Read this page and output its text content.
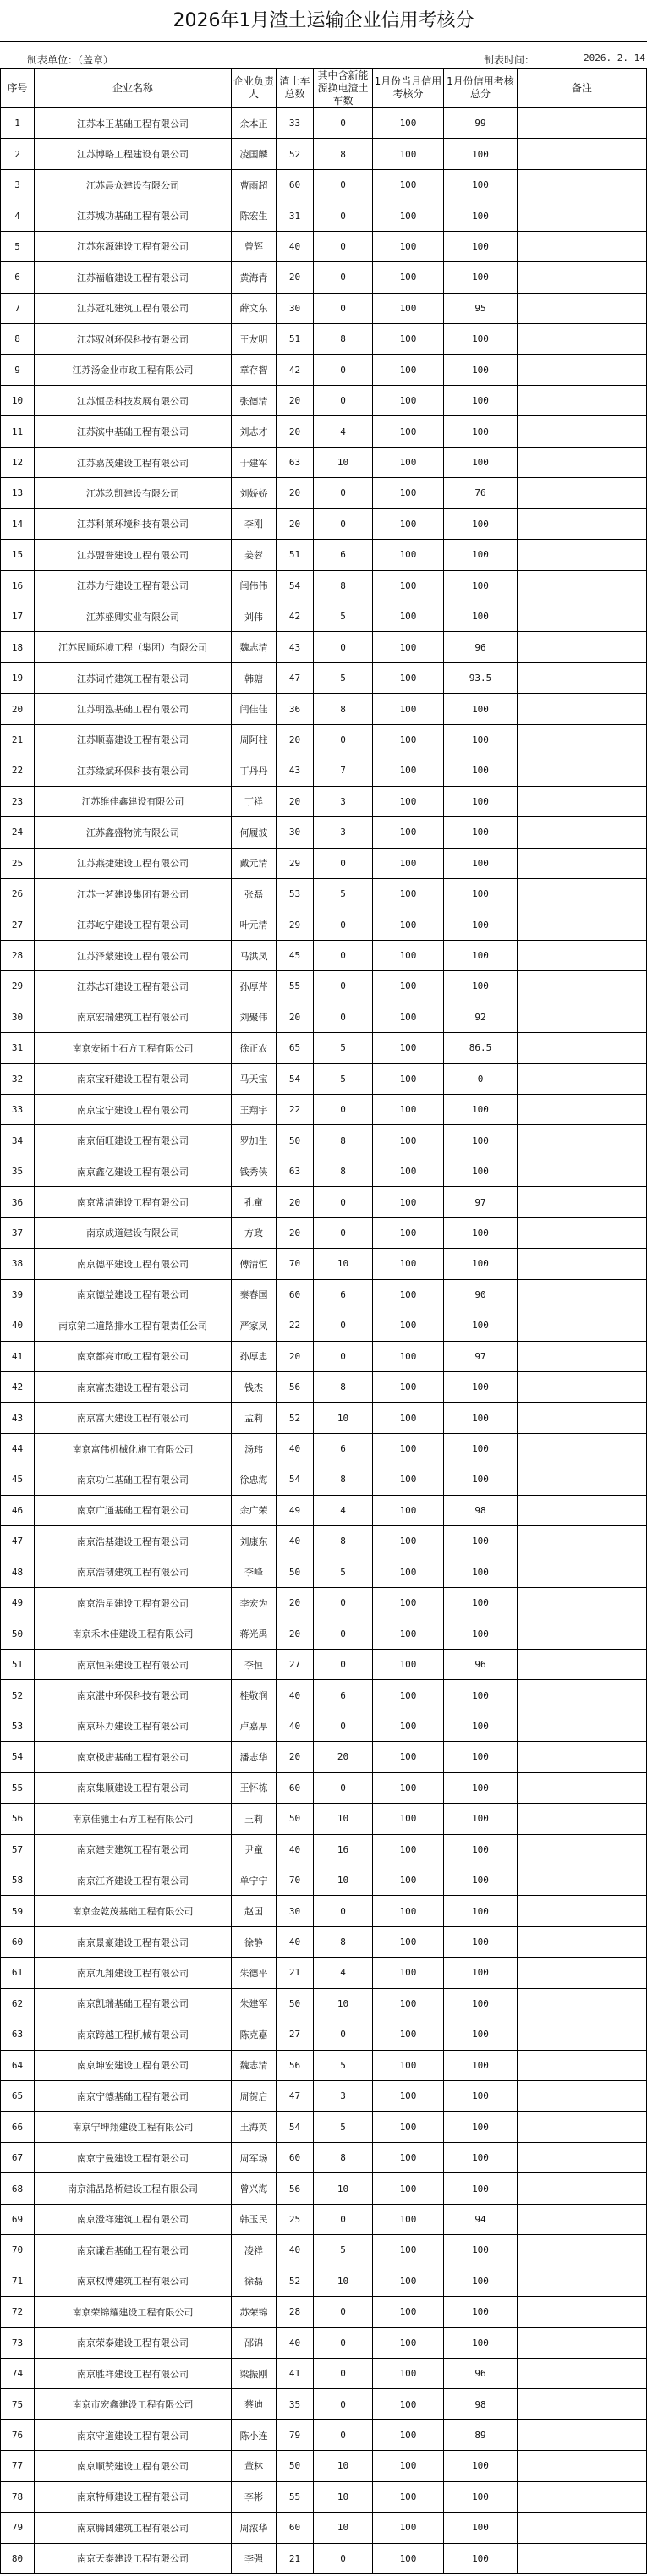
2026年1月渣土运输企业信用考核分
制表单位：（盖章）	制表时间：	2026. 2. 14
序号	企业名称	企业负责人	渣土车总数	其中含新能源换电渣土车数	1月份当月信用考核分	1月份信用考核总分	备注
1	江苏本正基础工程有限公司	余本正	33	0	100	99	
2	江苏博略工程建设有限公司	凌国麟	52	8	100	100	
3	江苏晨众建设有限公司	曹雨超	60	0	100	100	
4	江苏城功基础工程有限公司	陈宏生	31	0	100	100	
5	江苏东源建设工程有限公司	曾辉	40	0	100	100	
6	江苏福临建设工程有限公司	黄海青	20	0	100	100	
7	江苏冠礼建筑工程有限公司	薛文东	30	0	100	95	
8	江苏驭创环保科技有限公司	王友明	51	8	100	100	
9	江苏汤金业市政工程有限公司	章存智	42	0	100	100	
10	江苏恒岳科技发展有限公司	张德清	20	0	100	100	
11	江苏滨中基础工程有限公司	刘志才	20	4	100	100	
12	江苏嘉茂建设工程有限公司	于建军	63	10	100	100	
13	江苏玖凯建设有限公司	刘娇娇	20	0	100	76	
14	江苏科莱环境科技有限公司	李刚	20	0	100	100	
15	江苏盟誉建设工程有限公司	姜蓉	51	6	100	100	
16	江苏力行建设工程有限公司	闫伟伟	54	8	100	100	
17	江苏盛卿实业有限公司	刘伟	42	5	100	100	
18	江苏民顺环境工程（集团）有限公司	魏志清	43	0	100	96	
19	江苏词竹建筑工程有限公司	韩瑭	47	5	100	93.5	
20	江苏明泓基础工程有限公司	闫佳佳	36	8	100	100	
21	江苏顺嘉建设工程有限公司	周阿柱	20	0	100	100	
22	江苏缘斌环保科技有限公司	丁丹丹	43	7	100	100	
23	江苏维佳鑫建设有限公司	丁祥	20	3	100	100	
24	江苏鑫盛物流有限公司	何履波	30	3	100	100	
25	江苏燕捷建设工程有限公司	戴元清	29	0	100	100	
26	江苏一茗建设集团有限公司	张磊	53	5	100	100	
27	江苏屹宁建设工程有限公司	叶元清	29	0	100	100	
28	江苏泽蒙建设工程有限公司	马洪凤	45	0	100	100	
29	江苏志轩建设工程有限公司	孙厚芹	55	0	100	100	
30	南京宏瑞建筑工程有限公司	刘聚伟	20	0	100	92	
31	南京安拓土石方工程有限公司	徐正农	65	5	100	86.5	
32	南京宝轩建设工程有限公司	马天宝	54	5	100	0	
33	南京宝宁建设工程有限公司	王翔宇	22	0	100	100	
34	南京佰旺建设工程有限公司	罗加生	50	8	100	100	
35	南京鑫亿建设工程有限公司	钱秀侠	63	8	100	100	
36	南京常清建设工程有限公司	孔童	20	0	100	97	
37	南京成道建设有限公司	方政	20	0	100	100	
38	南京德平建设工程有限公司	傅清恒	70	10	100	100	
39	南京德益建设工程有限公司	秦春国	60	6	100	90	
40	南京第二道路排水工程有限责任公司	严家凤	22	0	100	100	
41	南京都亮市政工程有限公司	孙厚忠	20	0	100	97	
42	南京富杰建设工程有限公司	钱杰	56	8	100	100	
43	南京富大建设工程有限公司	孟莉	52	10	100	100	
44	南京富伟机械化施工有限公司	汤玮	40	6	100	100	
45	南京功仁基础工程有限公司	徐忠海	54	8	100	100	
46	南京广通基础工程有限公司	余广荣	49	4	100	98	
47	南京浩基建设工程有限公司	刘康东	40	8	100	100	
48	南京浩韧建筑工程有限公司	李峰	50	5	100	100	
49	南京浩星建设工程有限公司	李宏为	20	0	100	100	
50	南京禾木佳建设工程有限公司	蒋光禹	20	0	100	100	
51	南京恒采建设工程有限公司	李恒	27	0	100	96	
52	南京湛中环保科技有限公司	桂敬润	40	6	100	100	
53	南京环力建设工程有限公司	卢嘉厚	40	0	100	100	
54	南京极唐基础工程有限公司	潘志华	20	20	100	100	
55	南京集顺建设工程有限公司	王怀栋	60	0	100	100	
56	南京佳驰土石方工程有限公司	王莉	50	10	100	100	
57	南京建贯建筑工程有限公司	尹童	40	16	100	100	
58	南京江齐建设工程有限公司	单宁宁	70	10	100	100	
59	南京金乾茂基础工程有限公司	赵国	30	0	100	100	
60	南京景豪建设工程有限公司	徐静	40	8	100	100	
61	南京九翔建设工程有限公司	朱德平	21	4	100	100	
62	南京凯瑞基础工程有限公司	朱建军	50	10	100	100	
63	南京跨越工程机械有限公司	陈克嘉	27	0	100	100	
64	南京坤宏建设工程有限公司	魏志清	56	5	100	100	
65	南京宁德基础工程有限公司	周贺启	47	3	100	100	
66	南京宁坤翔建设工程有限公司	王海英	54	5	100	100	
67	南京宁曼建设工程有限公司	周军场	60	8	100	100	
68	南京浦晶路桥建设工程有限公司	曾兴海	56	10	100	100	
69	南京澄祥建筑工程有限公司	韩玉民	25	0	100	94	
70	南京谦君基础工程有限公司	凌祥	40	5	100	100	
71	南京权博建筑工程有限公司	徐磊	52	10	100	100	
72	南京荣锦耀建设工程有限公司	苏荣锦	28	0	100	100	
73	南京荣泰建设工程有限公司	邵锦	40	0	100	100	
74	南京胜祥建设工程有限公司	梁振刚	41	0	100	96	
75	南京市宏鑫建设工程有限公司	蔡迪	35	0	100	98	
76	南京守道建设工程有限公司	陈小连	79	0	100	89	
77	南京顺赞建设工程有限公司	董林	50	10	100	100	
78	南京特师建设工程有限公司	李彬	55	10	100	100	
79	南京腾阔建筑工程有限公司	周浓华	60	10	100	100	
80	南京天泰建设工程有限公司	李强	21	0	100	100	
